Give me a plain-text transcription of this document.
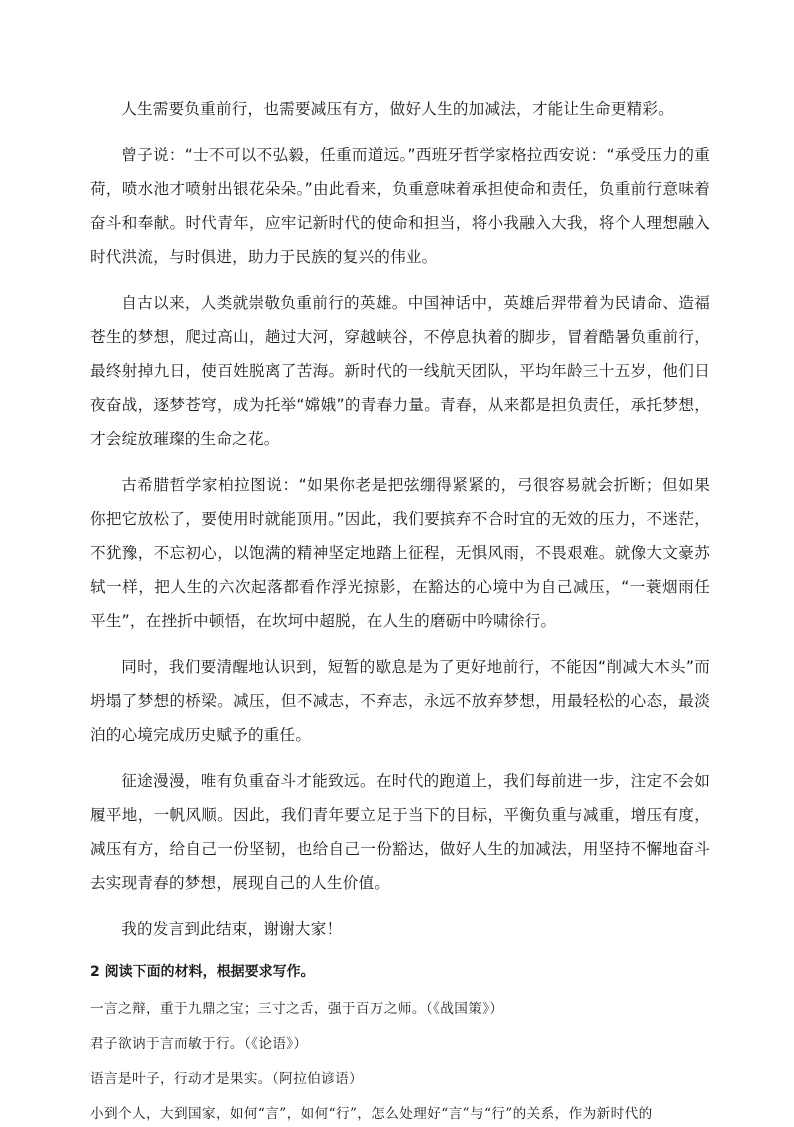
人生需要负重前行，也需要减压有方，做好人生的加减法，才能让生命更精彩。

曾子说：“士不可以不弘毅，任重而道远。”西班牙哲学家格拉西安说：“承受压力的重荷，喷水池才喷射出银花朵朵。”由此看来，负重意味着承担使命和责任，负重前行意味着奋斗和奉献。时代青年，应牢记新时代的使命和担当，将小我融入大我，将个人理想融入时代洪流，与时俱进，助力于民族的复兴的伟业。

自古以来，人类就崇敬负重前行的英雄。中国神话中，英雄后羿带着为民请命、造福苍生的梦想，爬过高山，趟过大河，穿越峡谷，不停息执着的脚步，冒着酷暑负重前行，最终射掉九日，使百姓脱离了苦海。新时代的一线航天团队，平均年龄三十五岁，他们日夜奋战，逐梦苍穹，成为托举“嫦娥”的青春力量。青春，从来都是担负责任，承托梦想，才会绽放璀璨的生命之花。

古希腊哲学家柏拉图说：“如果你老是把弦绷得紧紧的，弓很容易就会折断；但如果你把它放松了，要使用时就能顶用。”因此，我们要摈弃不合时宜的无效的压力，不迷茫，不犹豫，不忘初心，以饱满的精神坚定地踏上征程，无惧风雨，不畏艰难。就像大文豪苏轼一样，把人生的六次起落都看作浮光掠影，在豁达的心境中为自己减压，“一蓑烟雨任平生”，在挫折中顿悟，在坎坷中超脱，在人生的磨砺中吟啸徐行。

同时，我们要清醒地认识到，短暂的歇息是为了更好地前行，不能因“削减大木头”而坍塌了梦想的桥梁。减压，但不减志，不弃志，永远不放弃梦想，用最轻松的心态，最淡泊的心境完成历史赋予的重任。

征途漫漫，唯有负重奋斗才能致远。在时代的跑道上，我们每前进一步，注定不会如履平地，一帆风顺。因此，我们青年要立足于当下的目标，平衡负重与减重，增压有度，减压有方，给自己一份坚韧，也给自己一份豁达，做好人生的加减法，用坚持不懈地奋斗去实现青春的梦想，展现自己的人生价值。

我的发言到此结束，谢谢大家！

2 阅读下面的材料，根据要求写作。

一言之辩，重于九鼎之宝；三寸之舌，强于百万之师。（《战国策》）

君子欲讷于言而敏于行。（《论语》）

语言是叶子，行动才是果实。（阿拉伯谚语）

小到个人，大到国家，如何“言”，如何“行”，怎么处理好“言”与“行”的关系，作为新时代的
